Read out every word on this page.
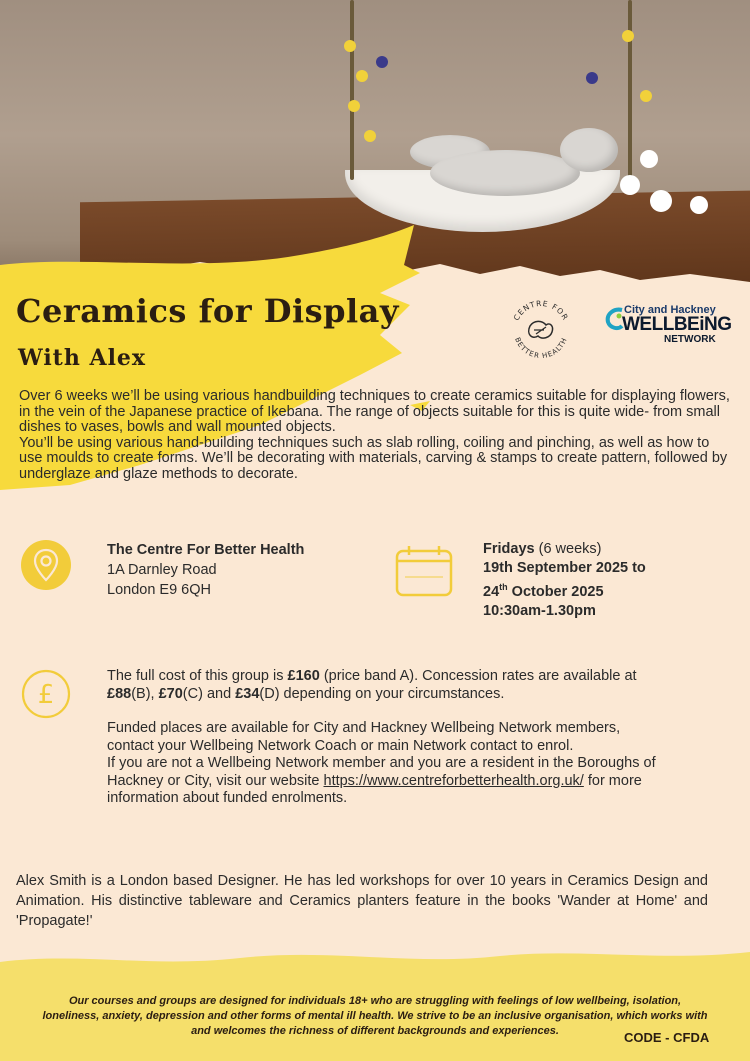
Ceramics for Display
With Alex
CENTRE FOR
BETTER HEALTH
City and Hackney
WELLBEiNG
NETWORK

Over 6 weeks we’ll be using various handbuilding techniques to create ceramics suitable for displaying flowers, in the vein of the Japanese practice of Ikebana. The range of objects suitable for this is quite wide- from small dishes to vases, bowls and wall mounted objects.

You’ll be using various hand-building techniques such as slab rolling, coiling and pinching, as well as how to use moulds to create forms. We’ll be decorating with materials, carving & stamps to create pattern, followed by underglaze and glaze methods to decorate.

The Centre For Better Health
1A Darnley Road
London E9 6QH
Fridays (6 weeks)
19th September 2025 to
24th October 2025
10:30am-1.30pm
£

The full cost of this group is £160 (price band A). Concession rates are available at £88(B), £70(C) and £34(D) depending on your circumstances.

Funded places are available for City and Hackney Wellbeing Network members, contact your Wellbeing Network Coach or main Network contact to enrol.

If you are not a Wellbeing Network member and you are a resident in the Boroughs of Hackney or City, visit our website https://www.centreforbetterhealth.org.uk/ for more information about funded enrolments.

Alex Smith is a London based Designer. He has led workshops for over 10 years in Ceramics Design and Animation. His distinctive tableware and Ceramics planters feature in the books 'Wander at Home' and 'Propagate!'

Our courses and groups are designed for individuals 18+ who are struggling with feelings of low wellbeing, isolation, loneliness, anxiety, depression and other forms of mental ill health. We strive to be an inclusive organisation, which works with and welcomes the richness of different backgrounds and experiences.	CODE - CFDA
